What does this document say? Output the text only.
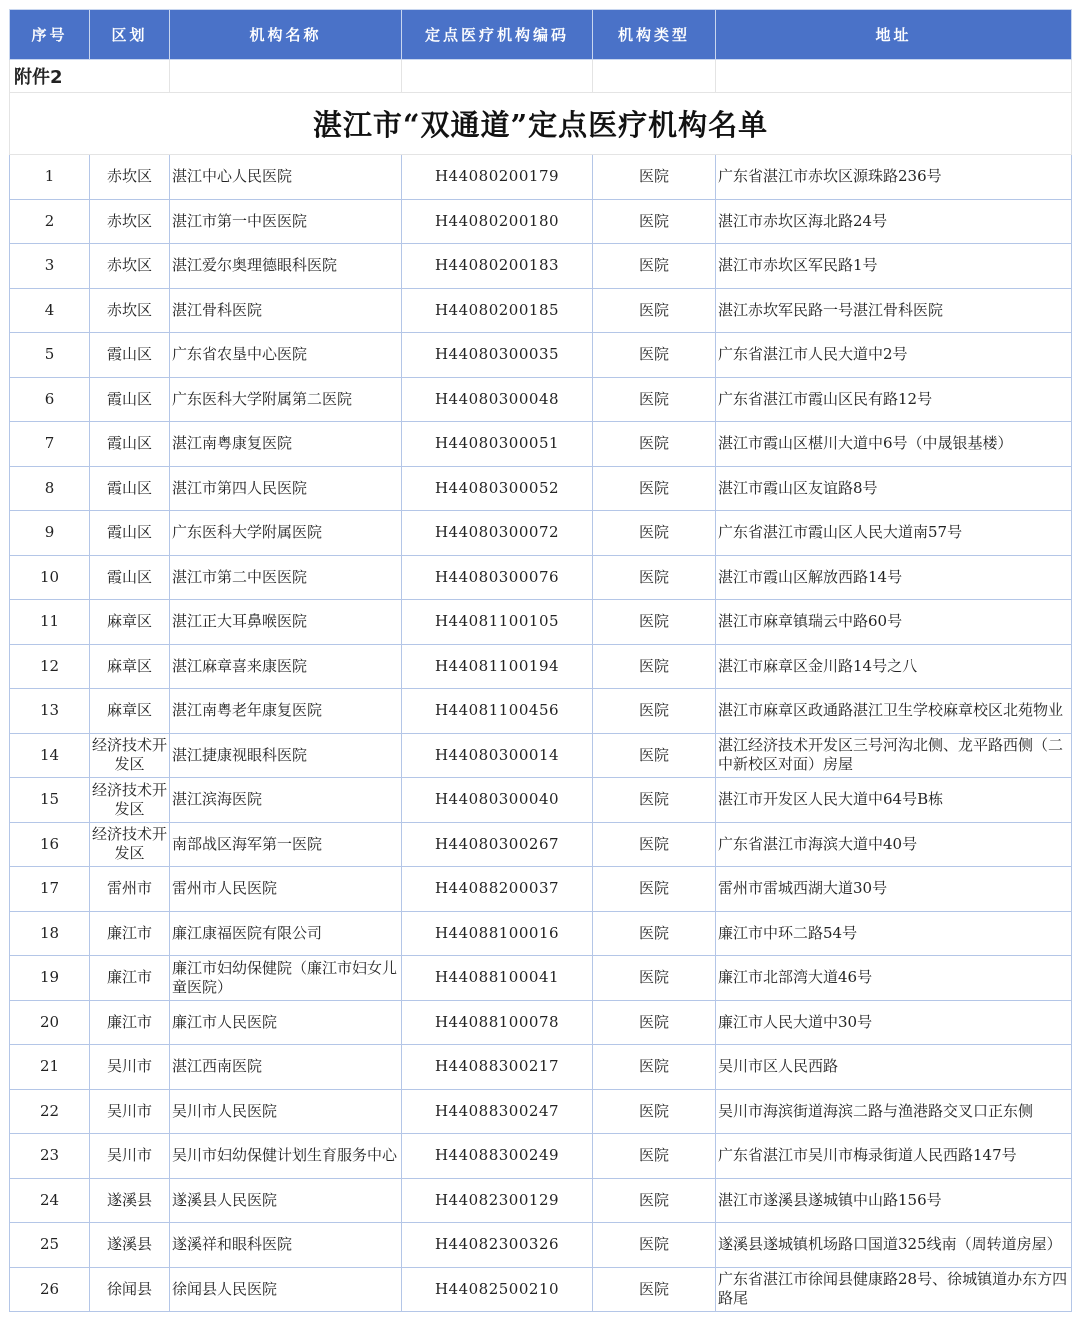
附件2					
湛江市“双通道”定点医疗机构名单					
序号	区划	机构名称	定点医疗机构编码	机构类型	地址
1	赤坎区	湛江中心人民医院	H44080200179	医院	广东省湛江市赤坎区源珠路236号
2	赤坎区	湛江市第一中医医院	H44080200180	医院	湛江市赤坎区海北路24号
3	赤坎区	湛江爱尔奥理德眼科医院	H44080200183	医院	湛江市赤坎区军民路1号
4	赤坎区	湛江骨科医院	H44080200185	医院	湛江赤坎军民路一号湛江骨科医院
5	霞山区	广东省农垦中心医院	H44080300035	医院	广东省湛江市人民大道中2号
6	霞山区	广东医科大学附属第二医院	H44080300048	医院	广东省湛江市霞山区民有路12号
7	霞山区	湛江南粤康复医院	H44080300051	医院	湛江市霞山区椹川大道中6号（中晟银基楼）
8	霞山区	湛江市第四人民医院	H44080300052	医院	湛江市霞山区友谊路8号
9	霞山区	广东医科大学附属医院	H44080300072	医院	广东省湛江市霞山区人民大道南57号
10	霞山区	湛江市第二中医医院	H44080300076	医院	湛江市霞山区解放西路14号
11	麻章区	湛江正大耳鼻喉医院	H44081100105	医院	湛江市麻章镇瑞云中路60号
12	麻章区	湛江麻章喜来康医院	H44081100194	医院	湛江市麻章区金川路14号之八
13	麻章区	湛江南粤老年康复医院	H44081100456	医院	湛江市麻章区政通路湛江卫生学校麻章校区北苑物业
14	经济技术开发区	湛江捷康视眼科医院	H44080300014	医院	湛江经济技术开发区三号河沟北侧、龙平路西侧（二中新校区对面）房屋
15	经济技术开发区	湛江滨海医院	H44080300040	医院	湛江市开发区人民大道中64号B栋
16	经济技术开发区	南部战区海军第一医院	H44080300267	医院	广东省湛江市海滨大道中40号
17	雷州市	雷州市人民医院	H44088200037	医院	雷州市雷城西湖大道30号
18	廉江市	廉江康福医院有限公司	H44088100016	医院	廉江市中环二路54号
19	廉江市	廉江市妇幼保健院（廉江市妇女儿童医院）	H44088100041	医院	廉江市北部湾大道46号
20	廉江市	廉江市人民医院	H44088100078	医院	廉江市人民大道中30号
21	吴川市	湛江西南医院	H44088300217	医院	吴川市区人民西路
22	吴川市	吴川市人民医院	H44088300247	医院	吴川市海滨街道海滨二路与渔港路交叉口正东侧
23	吴川市	吴川市妇幼保健计划生育服务中心	H44088300249	医院	广东省湛江市吴川市梅录街道人民西路147号
24	遂溪县	遂溪县人民医院	H44082300129	医院	湛江市遂溪县遂城镇中山路156号
25	遂溪县	遂溪祥和眼科医院	H44082300326	医院	遂溪县遂城镇机场路口国道325线南（周转道房屋）
26	徐闻县	徐闻县人民医院	H44082500210	医院	广东省湛江市徐闻县健康路28号、徐城镇道办东方四路尾
